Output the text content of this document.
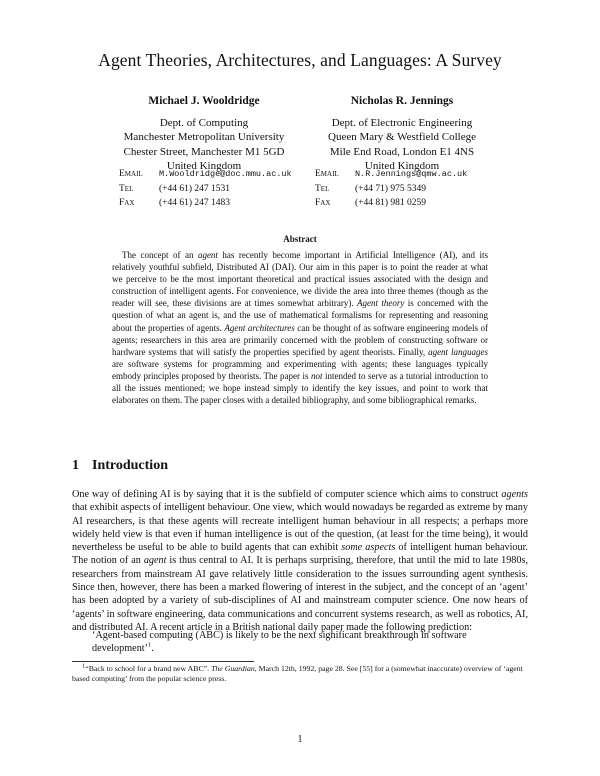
Agent Theories, Architectures, and Languages: A Survey
Michael J. Wooldridge
Dept. of Computing
Manchester Metropolitan University
Chester Street, Manchester M1 5GD
United Kingdom
Nicholas R. Jennings
Dept. of Electronic Engineering
Queen Mary & Westfield College
Mile End Road, London E1 4NS
United Kingdom
Email	M.Wooldridge@doc.mmu.ac.uk
Tel	(+44 61) 247 1531
Fax	(+44 61) 247 1483
Email	N.R.Jennings@qmw.ac.uk
Tel	(+44 71) 975 5349
Fax	(+44 81) 981 0259
Abstract
The concept of an agent has recently become important in Artificial Intelligence (AI), and its relatively youthful subfield, Distributed AI (DAI). Our aim in this paper is to point the reader at what we perceive to be the most important theoretical and practical issues associated with the design and construction of intelligent agents. For convenience, we divide the area into three themes (though as the reader will see, these divisions are at times somewhat arbitrary). Agent theory is concerned with the question of what an agent is, and the use of mathematical formalisms for representing and reasoning about the properties of agents. Agent architectures can be thought of as software engineering models of agents; researchers in this area are primarily concerned with the problem of constructing software or hardware systems that will satisfy the properties specified by agent theorists. Finally, agent languages are software systems for programming and experimenting with agents; these languages typically embody principles proposed by theorists. The paper is not intended to serve as a tutorial introduction to all the issues mentioned; we hope instead simply to identify the key issues, and point to work that elaborates on them. The paper closes with a detailed bibliography, and some bibliographical remarks.
1 Introduction
One way of defining AI is by saying that it is the subfield of computer science which aims to construct agents that exhibit aspects of intelligent behaviour. One view, which would nowadays be regarded as extreme by many AI researchers, is that these agents will recreate intelligent human behaviour in all respects; a perhaps more widely held view is that even if human intelligence is out of the question, (at least for the time being), it would nevertheless be useful to be able to build agents that can exhibit some aspects of intelligent human behaviour. The notion of an agent is thus central to AI. It is perhaps surprising, therefore, that until the mid to late 1980s, researchers from mainstream AI gave relatively little consideration to the issues surrounding agent synthesis. Since then, however, there has been a marked flowering of interest in the subject, and the concept of an ‘agent’ has been adopted by a variety of sub-disciplines of AI and mainstream computer science. One now hears of ‘agents’ in software engineering, data communications and concurrent systems research, as well as robotics, AI, and distributed AI. A recent article in a British national daily paper made the following prediction:
‘Agent-based computing (ABC) is likely to be the next significant breakthrough in software development’$^1$.
$^1$“Back to school for a brand new ABC”. The Guardian, March 12th, 1992, page 28. See [55] for a (somewhat inaccurate) overview of ‘agent based computing’ from the popular science press.
1
